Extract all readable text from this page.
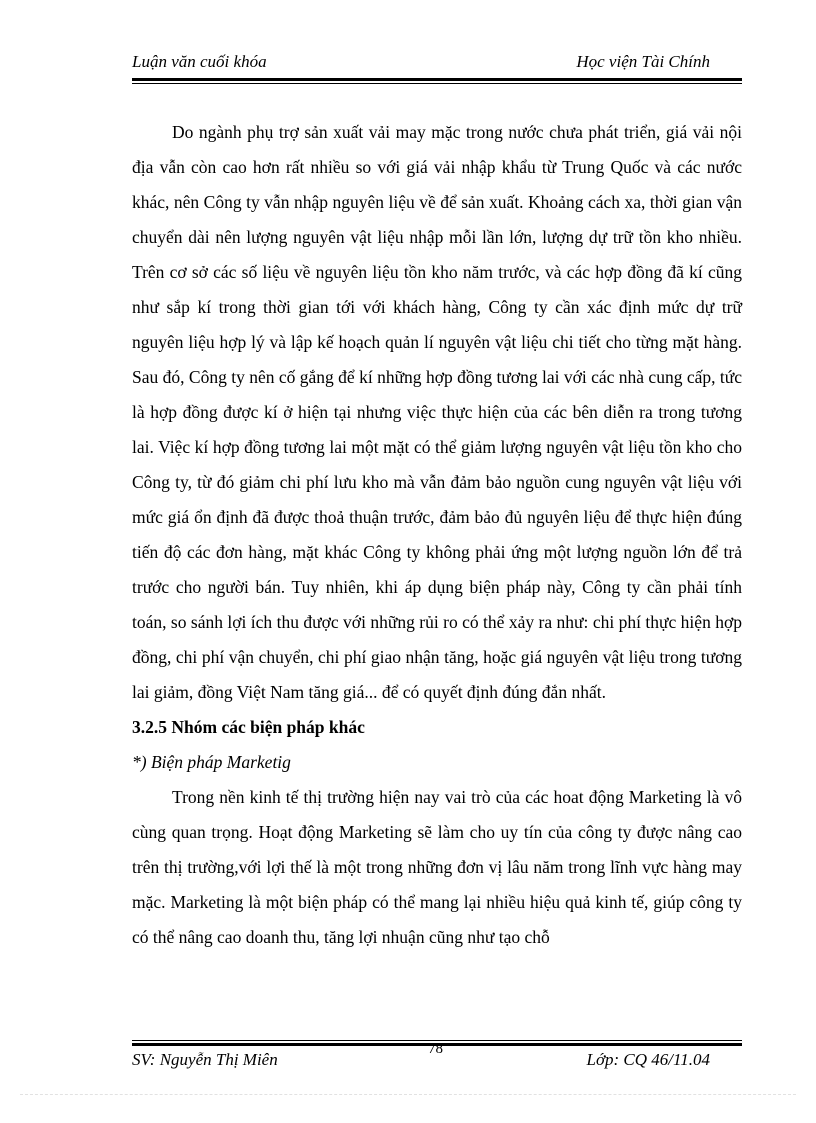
Luận văn cuối khóa	Học viện Tài Chính

Do ngành phụ trợ sản xuất vải may mặc trong nước chưa phát triển, giá vải nội địa vẫn còn cao hơn rất nhiều so với giá vải nhập khẩu từ Trung Quốc và các nước khác, nên Công ty vẫn nhập nguyên liệu về để sản xuất. Khoảng cách xa, thời gian vận chuyển dài nên lượng nguyên vật liệu nhập mỗi lần lớn, lượng dự trữ tồn kho nhiều. Trên cơ sở các số liệu về nguyên liệu tồn kho năm trước, và các hợp đồng đã kí cũng như sắp kí trong thời gian tới với khách hàng, Công ty cần xác định mức dự trữ nguyên liệu hợp lý và lập kế hoạch quản lí nguyên vật liệu chi tiết cho từng mặt hàng. Sau đó, Công ty nên cố gắng để kí những hợp đồng tương lai với các nhà cung cấp, tức là hợp đồng được kí ở hiện tại nhưng việc thực hiện của các bên diễn ra trong tương lai. Việc kí hợp đồng tương lai một mặt có thể giảm lượng nguyên vật liệu tồn kho cho Công ty, từ đó giảm chi phí lưu kho mà vẫn đảm bảo nguồn cung nguyên vật liệu với mức giá ổn định đã được thoả thuận trước, đảm bảo đủ nguyên liệu để thực hiện đúng tiến độ các đơn hàng, mặt khác Công ty không phải ứng một lượng nguồn lớn để trả trước cho người bán. Tuy nhiên, khi áp dụng biện pháp này, Công ty cần phải tính toán, so sánh lợi ích thu được với những rủi ro có thể xảy ra như: chi phí thực hiện hợp đồng, chi phí vận chuyển, chi phí giao nhận tăng, hoặc giá nguyên vật liệu trong tương lai giảm, đồng Việt Nam tăng giá... để có quyết định đúng đắn nhất.

3.2.5 Nhóm các biện pháp khác

*) Biện pháp Marketig

Trong nền kinh tế thị trường hiện nay vai trò của các hoat động Marketing là vô cùng quan trọng. Hoạt động Marketing sẽ làm cho uy tín của công ty được nâng cao trên thị trường,với lợi thế là một trong những đơn vị lâu năm trong lĩnh vực hàng may mặc. Marketing là một biện pháp có thể mang lại nhiều hiệu quả kinh tế, giúp công ty có thể nâng cao doanh thu, tăng lợi nhuận cũng như tạo chỗ

SV: Nguyễn Thị Miên
78
Lớp: CQ 46/11.04
